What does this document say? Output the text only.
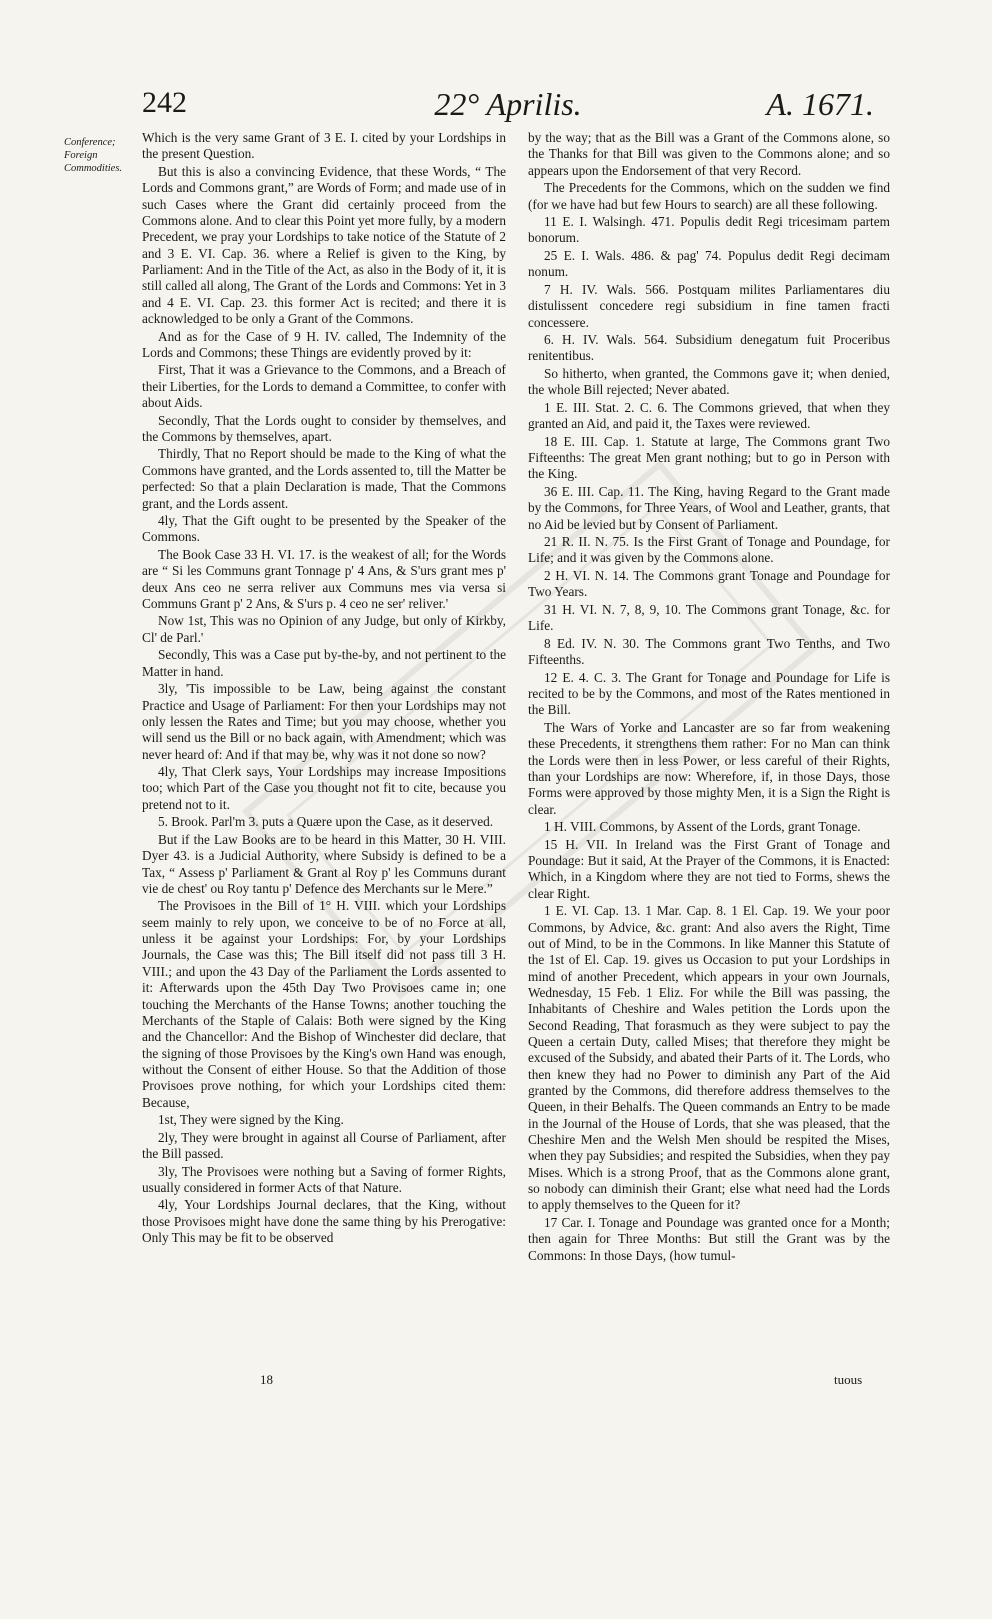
242	22° Aprilis.	A. 1671.
Conference; Foreign Commodities.

Which is the very same Grant of 3 E. I. cited by your Lordships in the present Question.

But this is also a convincing Evidence, that these Words, “ The Lords and Commons grant,” are Words of Form; and made use of in such Cases where the Grant did certainly proceed from the Commons alone. And to clear this Point yet more fully, by a modern Precedent, we pray your Lordships to take notice of the Statute of 2 and 3 E. VI. Cap. 36. where a Relief is given to the King, by Parliament: And in the Title of the Act, as also in the Body of it, it is still called all along, The Grant of the Lords and Commons: Yet in 3 and 4 E. VI. Cap. 23. this former Act is recited; and there it is acknowledged to be only a Grant of the Commons.

And as for the Case of 9 H. IV. called, The Indemnity of the Lords and Commons; these Things are evidently proved by it:

First, That it was a Grievance to the Commons, and a Breach of their Liberties, for the Lords to demand a Committee, to confer with about Aids.

Secondly, That the Lords ought to consider by themselves, and the Commons by themselves, apart.

Thirdly, That no Report should be made to the King of what the Commons have granted, and the Lords assented to, till the Matter be perfected: So that a plain Declaration is made, That the Commons grant, and the Lords assent.

4ly, That the Gift ought to be presented by the Speaker of the Commons.

The Book Case 33 H. VI. 17. is the weakest of all; for the Words are “ Si les Communs grant Tonnage p' 4 Ans, & S'urs grant mes p' deux Ans ceo ne serra reliver aux Communs mes via versa si Communs Grant p' 2 Ans, & S'urs p. 4 ceo ne ser' reliver.'

Now 1st, This was no Opinion of any Judge, but only of Kirkby, Cl' de Parl.'

Secondly, This was a Case put by-the-by, and not pertinent to the Matter in hand.

3ly, 'Tis impossible to be Law, being against the constant Practice and Usage of Parliament: For then your Lordships may not only lessen the Rates and Time; but you may choose, whether you will send us the Bill or no back again, with Amendment; which was never heard of: And if that may be, why was it not done so now?

4ly, That Clerk says, Your Lordships may increase Impositions too; which Part of the Case you thought not fit to cite, because you pretend not to it.

5. Brook. Parl'm 3. puts a Quære upon the Case, as it deserved.

But if the Law Books are to be heard in this Matter, 30 H. VIII. Dyer 43. is a Judicial Authority, where Subsidy is defined to be a Tax, “ Assess p' Parliament & Grant al Roy p' les Communs durant vie de chest' ou Roy tantu p' Defence des Merchants sur le Mere.”

The Provisoes in the Bill of 1° H. VIII. which your Lordships seem mainly to rely upon, we conceive to be of no Force at all, unless it be against your Lordships: For, by your Lordships Journals, the Case was this; The Bill itself did not pass till 3 H. VIII.; and upon the 43 Day of the Parliament the Lords assented to it: Afterwards upon the 45th Day Two Provisoes came in; one touching the Merchants of the Hanse Towns; another touching the Merchants of the Staple of Calais: Both were signed by the King and the Chancellor: And the Bishop of Winchester did declare, that the signing of those Provisoes by the King's own Hand was enough, without the Consent of either House. So that the Addition of those Provisoes prove nothing, for which your Lordships cited them: Because,

1st, They were signed by the King.

2ly, They were brought in against all Course of Parliament, after the Bill passed.

3ly, The Provisoes were nothing but a Saving of former Rights, usually considered in former Acts of that Nature.

4ly, Your Lordships Journal declares, that the King, without those Provisoes might have done the same thing by his Prerogative: Only This may be fit to be observed

by the way; that as the Bill was a Grant of the Commons alone, so the Thanks for that Bill was given to the Commons alone; and so appears upon the Endorsement of that very Record.

The Precedents for the Commons, which on the sudden we find (for we have had but few Hours to search) are all these following.

11 E. I. Walsingh. 471. Populis dedit Regi tricesimam partem bonorum.

25 E. I. Wals. 486. & pag' 74. Populus dedit Regi decimam nonum.

7 H. IV. Wals. 566. Postquam milites Parliamentares diu distulissent concedere regi subsidium in fine tamen fracti concessere.

6. H. IV. Wals. 564. Subsidium denegatum fuit Proceribus renitentibus.

So hitherto, when granted, the Commons gave it; when denied, the whole Bill rejected; Never abated.

1 E. III. Stat. 2. C. 6. The Commons grieved, that when they granted an Aid, and paid it, the Taxes were reviewed.

18 E. III. Cap. 1. Statute at large, The Commons grant Two Fifteenths: The great Men grant nothing; but to go in Person with the King.

36 E. III. Cap. 11. The King, having Regard to the Grant made by the Commons, for Three Years, of Wool and Leather, grants, that no Aid be levied but by Consent of Parliament.

21 R. II. N. 75. Is the First Grant of Tonage and Poundage, for Life; and it was given by the Commons alone.

2 H. VI. N. 14. The Commons grant Tonage and Poundage for Two Years.

31 H. VI. N. 7, 8, 9, 10. The Commons grant Tonage, &c. for Life.

8 Ed. IV. N. 30. The Commons grant Two Tenths, and Two Fifteenths.

12 E. 4. C. 3. The Grant for Tonage and Poundage for Life is recited to be by the Commons, and most of the Rates mentioned in the Bill.

The Wars of Yorke and Lancaster are so far from weakening these Precedents, it strengthens them rather: For no Man can think the Lords were then in less Power, or less careful of their Rights, than your Lordships are now: Wherefore, if, in those Days, those Forms were approved by those mighty Men, it is a Sign the Right is clear.

1 H. VIII. Commons, by Assent of the Lords, grant Tonage.

15 H. VII. In Ireland was the First Grant of Tonage and Poundage: But it said, At the Prayer of the Commons, it is Enacted: Which, in a Kingdom where they are not tied to Forms, shews the clear Right.

1 E. VI. Cap. 13. 1 Mar. Cap. 8. 1 El. Cap. 19. We your poor Commons, by Advice, &c. grant: And also avers the Right, Time out of Mind, to be in the Commons. In like Manner this Statute of the 1st of El. Cap. 19. gives us Occasion to put your Lordships in mind of another Precedent, which appears in your own Journals, Wednesday, 15 Feb. 1 Eliz. For while the Bill was passing, the Inhabitants of Cheshire and Wales petition the Lords upon the Second Reading, That forasmuch as they were subject to pay the Queen a certain Duty, called Mises; that therefore they might be excused of the Subsidy, and abated their Parts of it. The Lords, who then knew they had no Power to diminish any Part of the Aid granted by the Commons, did therefore address themselves to the Queen, in their Behalfs. The Queen commands an Entry to be made in the Journal of the House of Lords, that she was pleased, that the Cheshire Men and the Welsh Men should be respited the Mises, when they pay Subsidies; and respited the Subsidies, when they pay Mises. Which is a strong Proof, that as the Commons alone grant, so nobody can diminish their Grant; else what need had the Lords to apply themselves to the Queen for it?

17 Car. I. Tonage and Poundage was granted once for a Month; then again for Three Months: But still the Grant was by the Commons: In those Days, (how tumul-

18	tuous
